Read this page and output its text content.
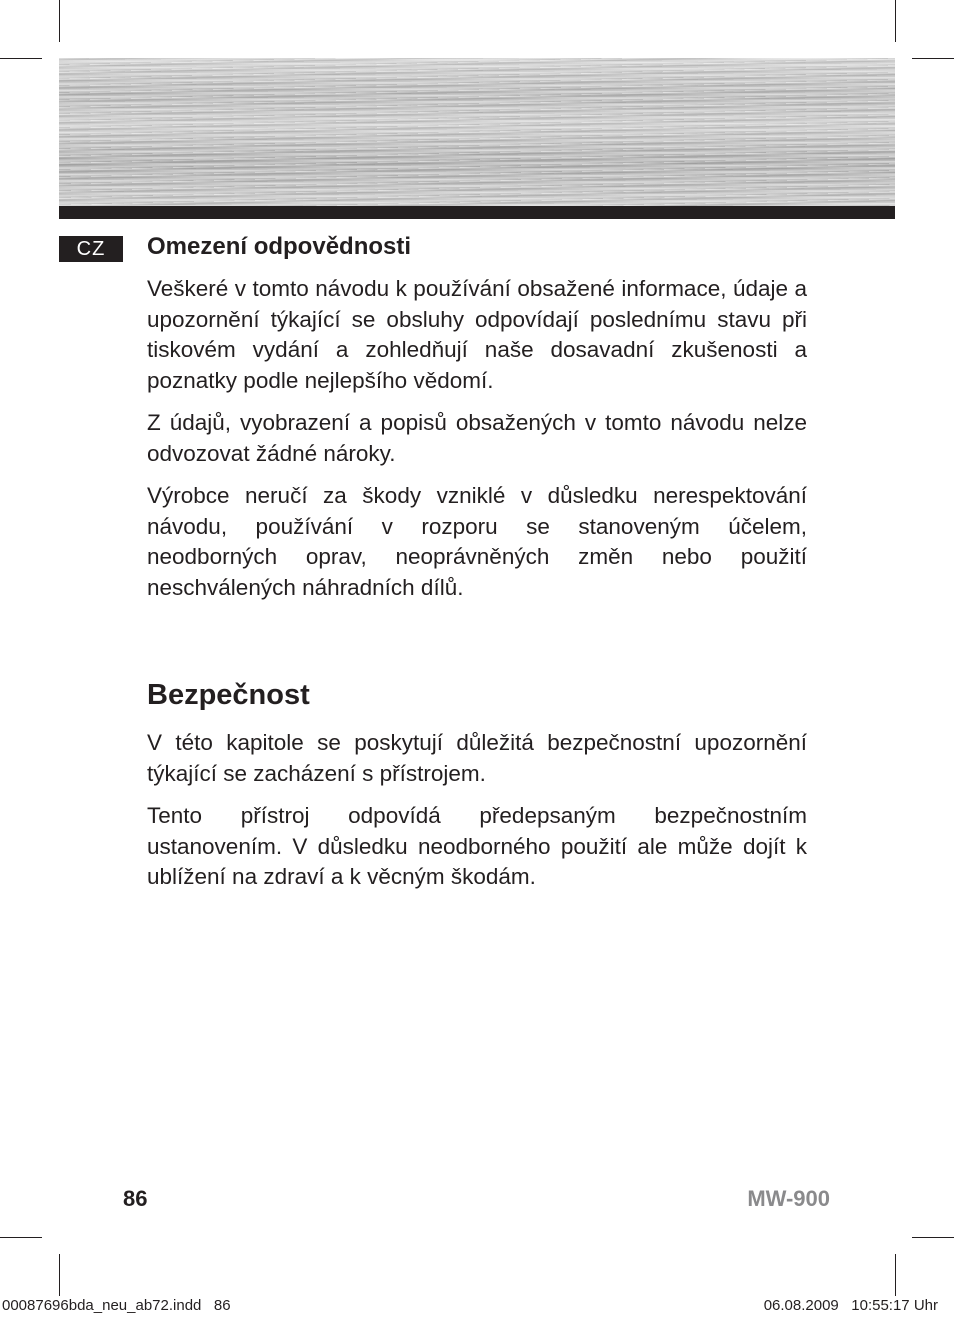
CZ	Omezení odpovědnosti

Veškeré v tomto návodu k používání obsažené informace, údaje a upozornění týkající se obsluhy odpovídají poslednímu stavu při tiskovém vydání a zohledňují naše dosavadní zkušenosti a poznatky podle nejlepšího vědomí.

Z údajů, vyobrazení a popisů obsažených v tomto návodu nelze odvozovat žádné nároky.

Výrobce neručí za škody vzniklé v důsledku nerespektování návodu, používání v rozporu se stanoveným účelem, neodborných oprav, neoprávněných změn nebo použití neschválených náhradních dílů.

Bezpečnost

V této kapitole se poskytují důležitá bezpečnostní upozornění týkající se zacházení s přístrojem.

Tento přístroj odpovídá předepsaným bezpečnostním ustanovením. V důsledku neodborného použití ale může dojít k ublížení na zdraví a k věcným škodám.

86	MW-900
00087696bda_neu_ab72.indd   86	06.08.2009   10:55:17 Uhr
